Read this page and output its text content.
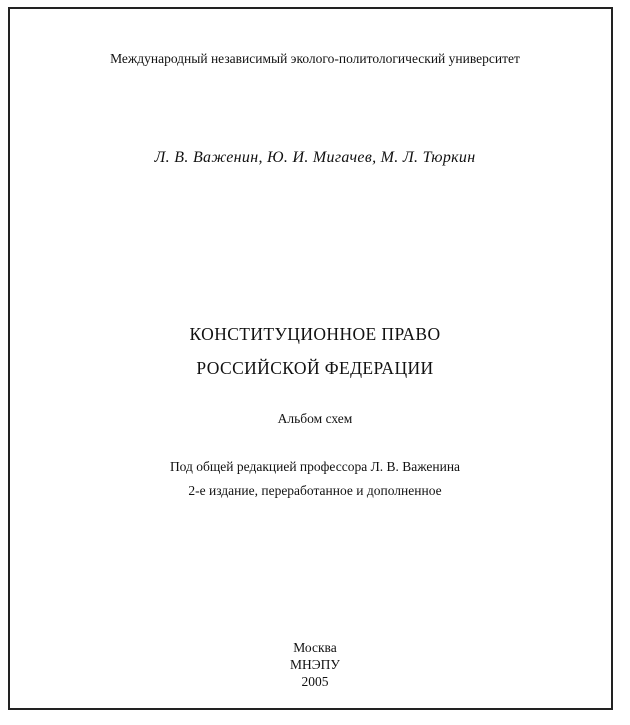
Международный независимый эколого-политологический университет
Л. В. Важенин, Ю. И. Мигачев, М. Л. Тюркин
КОНСТИТУЦИОННОЕ ПРАВО
РОССИЙСКОЙ ФЕДЕРАЦИИ
Альбом схем
Под общей редакцией профессора Л. В. Важенина
2-е издание, переработанное и дополненное
Москва
МНЭПУ
2005
